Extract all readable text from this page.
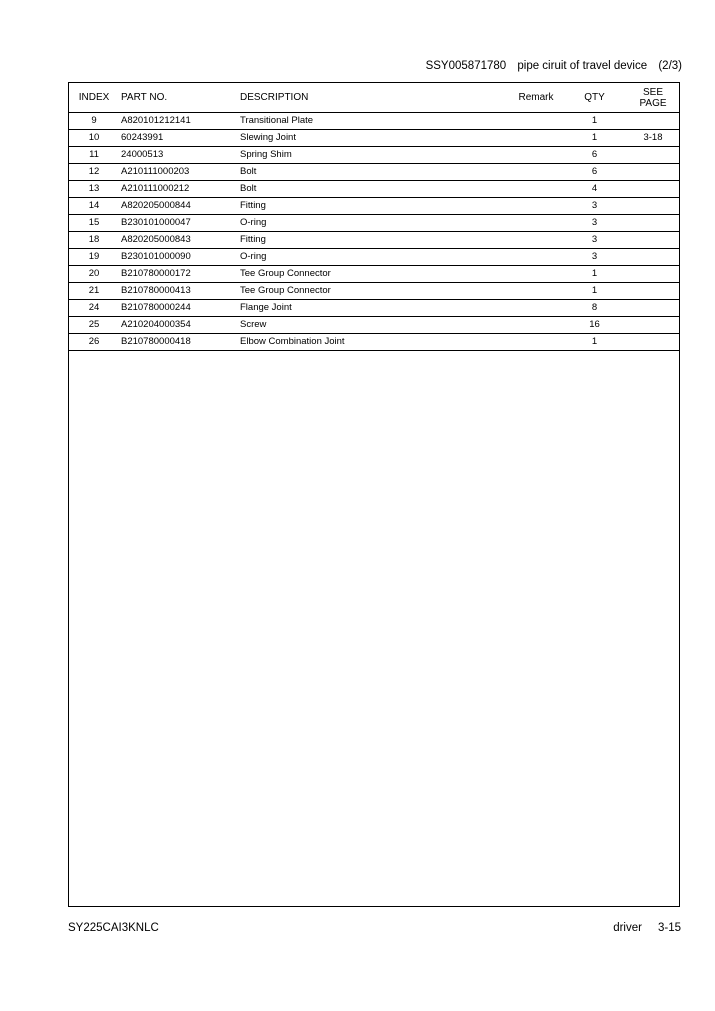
SSY005871780 pipe ciruit of travel device (2/3)
INDEX	PART NO.	DESCRIPTION	Remark	QTY	SEE
PAGE
9	A820101212141	Transitional Plate		1	
10	60243991	Slewing Joint		1	3-18
11	24000513	Spring Shim		6	
12	A210111000203	Bolt		6	
13	A210111000212	Bolt		4	
14	A820205000844	Fitting		3	
15	B230101000047	O-ring		3	
18	A820205000843	Fitting		3	
19	B230101000090	O-ring		3	
20	B210780000172	Tee Group Connector		1	
21	B210780000413	Tee Group Connector		1	
24	B210780000244	Flange Joint		8	
25	A210204000354	Screw		16	
26	B210780000418	Elbow Combination Joint		1	
SY225CAI3KNLC	driver 3-15
